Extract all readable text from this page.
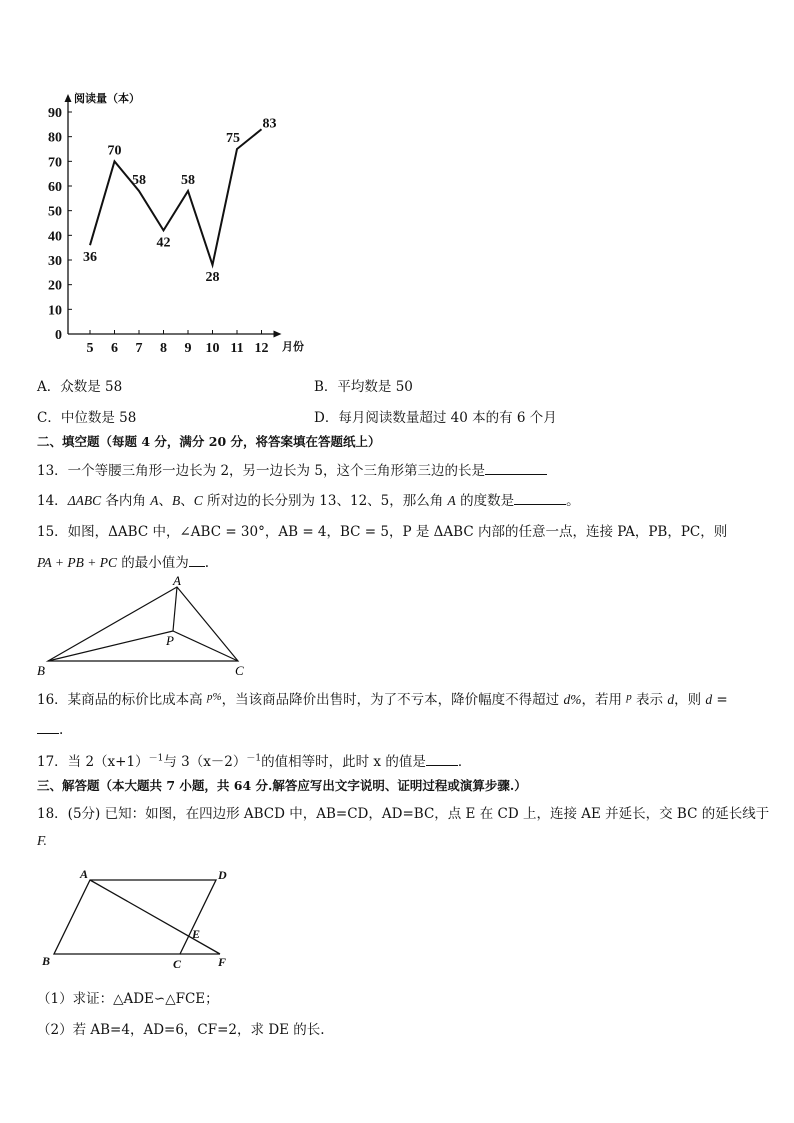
阅读量（本）
月份
0
10
20
30
40
50
60
70
80
90
5 6 7 8 9 10 11 12
36
70
58
42
58
28
75
83
A．众数是 58	B．平均数是 50
C．中位数是 58	D．每月阅读数量超过 40 本的有 6 个月
二、填空题（每题 4 分，满分 20 分，将答案填在答题纸上）
13．一个等腰三角形一边长为 2，另一边长为 5，这个三角形第三边的长是
14．ΔABC 各内角 A、B、C 所对边的长分别为 13、12、5，那么角 A 的度数是	。
15．如图，ΔABC 中，∠ABC = 30°，AB = 4，BC = 5，P 是 ΔABC 内部的任意一点，连接 PA，PB，PC，则
PA + PB + PC 的最小值为 .
A
B	C
P
16．某商品的标价比成本高 $^{p\%}$，当该商品降价出售时，为了不亏本，降价幅度不得超过 d%，若用 $^p$ 表示 d，则 d =
.
17．当 $2(x+1)^{-1}$与 $3(x-2)^{-1}$的值相等时，此时 x 的值是 ．
三、解答题（本大题共 7 小题，共 64 分.解答应写出文字说明、证明过程或演算步骤.）
18．(5分) 已知：如图，在四边形 ABCD 中，AB=CD，AD=BC，点 E 在 CD 上，连接 AE 并延长，交 BC 的延长线于
F.
A	D
B	C
E
F
（1）求证：△ADE∽△FCE；
（2）若 AB=4，AD=6，CF=2，求 DE 的长.
